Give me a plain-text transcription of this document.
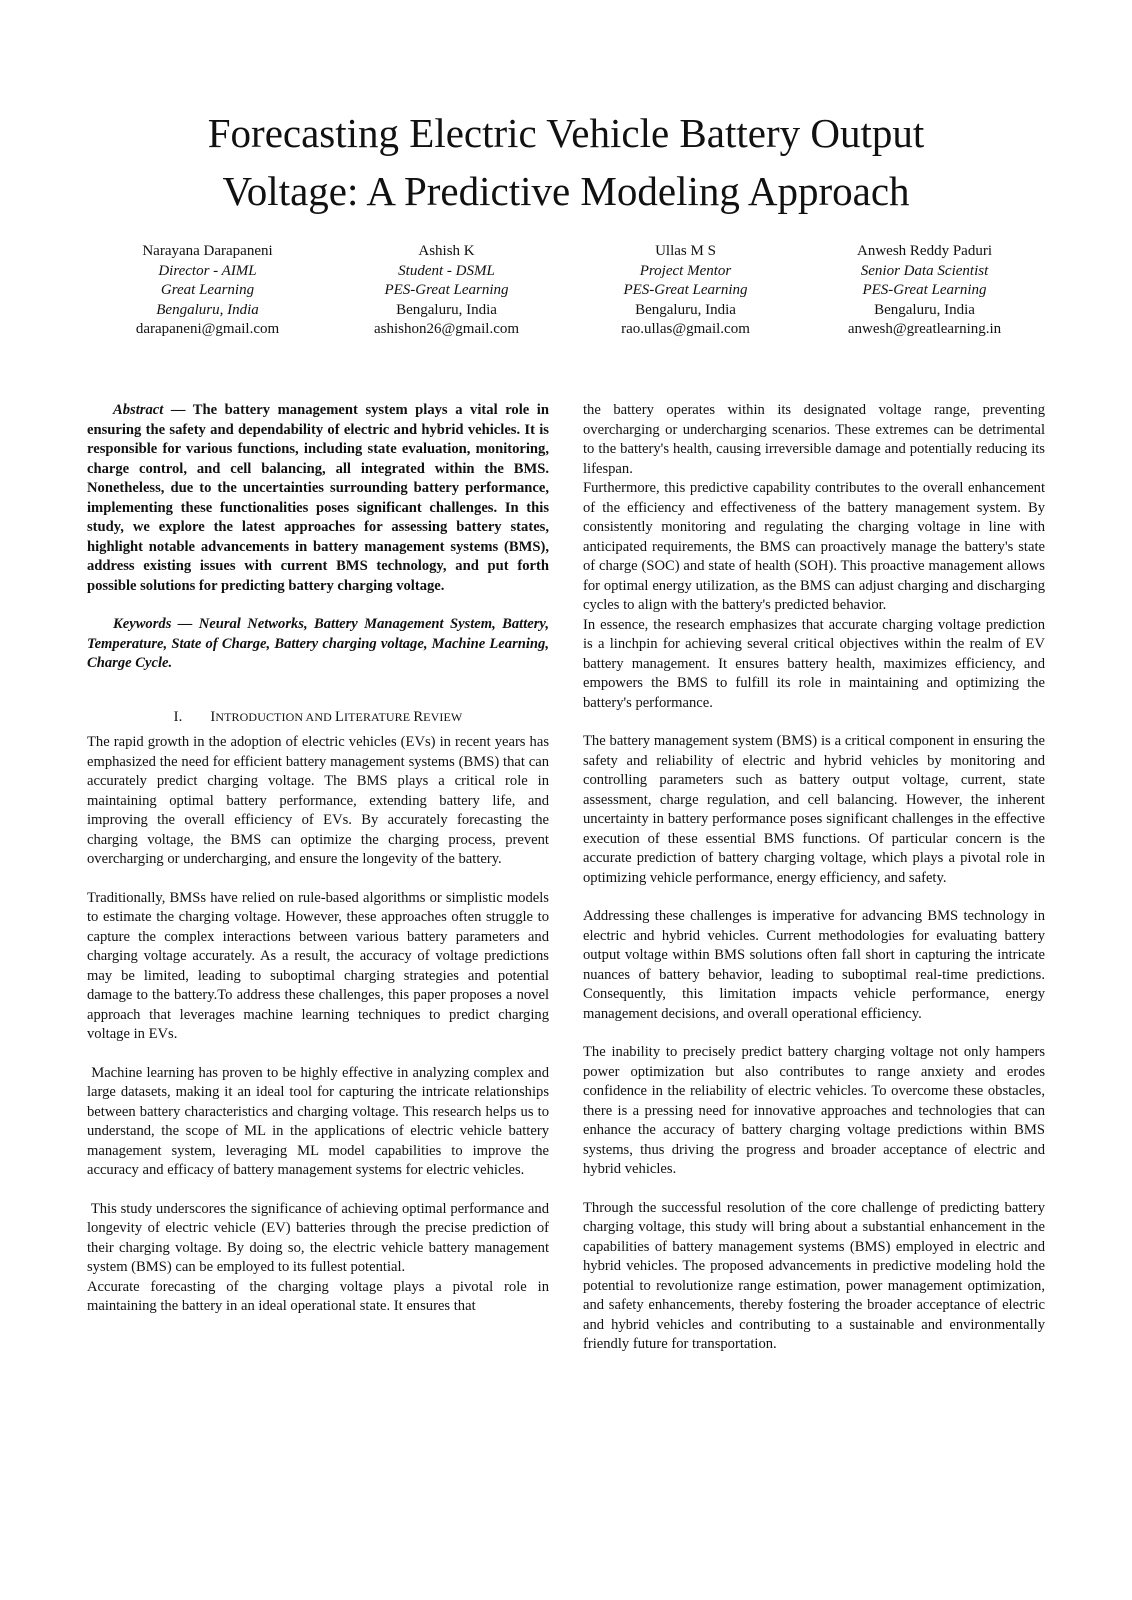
Forecasting Electric Vehicle Battery Output
Voltage: A Predictive Modeling Approach
Narayana Darapaneni
Director - AIML
Great Learning
Bengaluru, India
darapaneni@gmail.com
Ashish K
Student - DSML
PES-Great Learning
Bengaluru, India
ashishon26@gmail.com
Ullas M S
Project Mentor
PES-Great Learning
Bengaluru, India
rao.ullas@gmail.com
Anwesh Reddy Paduri
Senior Data Scientist
PES-Great Learning
Bengaluru, India
anwesh@greatlearning.in

Abstract — The battery management system plays a vital role in ensuring the safety and dependability of electric and hybrid vehicles. It is responsible for various functions, including state evaluation, monitoring, charge control, and cell balancing, all integrated within the BMS. Nonetheless, due to the uncertainties surrounding battery performance, implementing these functionalities poses significant challenges. In this study, we explore the latest approaches for assessing battery states, highlight notable advancements in battery management systems (BMS), address existing issues with current BMS technology, and put forth possible solutions for predicting battery charging voltage.

Keywords — Neural Networks, Battery Management System, Battery, Temperature, State of Charge, Battery charging voltage, Machine Learning, Charge Cycle.

I. INTRODUCTION AND LITERATURE REVIEW

The rapid growth in the adoption of electric vehicles (EVs) in recent years has emphasized the need for efficient battery management systems (BMS) that can accurately predict charging voltage. The BMS plays a critical role in maintaining optimal battery performance, extending battery life, and improving the overall efficiency of EVs. By accurately forecasting the charging voltage, the BMS can optimize the charging process, prevent overcharging or undercharging, and ensure the longevity of the battery.

Traditionally, BMSs have relied on rule-based algorithms or simplistic models to estimate the charging voltage. However, these approaches often struggle to capture the complex interactions between various battery parameters and charging voltage accurately. As a result, the accuracy of voltage predictions may be limited, leading to suboptimal charging strategies and potential damage to the battery.To address these challenges, this paper proposes a novel approach that leverages machine learning techniques to predict charging voltage in EVs.

Machine learning has proven to be highly effective in analyzing complex and large datasets, making it an ideal tool for capturing the intricate relationships between battery characteristics and charging voltage. This research helps us to understand, the scope of ML in the applications of electric vehicle battery management system, leveraging ML model capabilities to improve the accuracy and efficacy of battery management systems for electric vehicles.

This study underscores the significance of achieving optimal performance and longevity of electric vehicle (EV) batteries through the precise prediction of their charging voltage. By doing so, the electric vehicle battery management system (BMS) can be employed to its fullest potential.

Accurate forecasting of the charging voltage plays a pivotal role in maintaining the battery in an ideal operational state. It ensures that

the battery operates within its designated voltage range, preventing overcharging or undercharging scenarios. These extremes can be detrimental to the battery's health, causing irreversible damage and potentially reducing its lifespan.

Furthermore, this predictive capability contributes to the overall enhancement of the efficiency and effectiveness of the battery management system. By consistently monitoring and regulating the charging voltage in line with anticipated requirements, the BMS can proactively manage the battery's state of charge (SOC) and state of health (SOH). This proactive management allows for optimal energy utilization, as the BMS can adjust charging and discharging cycles to align with the battery's predicted behavior.

In essence, the research emphasizes that accurate charging voltage prediction is a linchpin for achieving several critical objectives within the realm of EV battery management. It ensures battery health, maximizes efficiency, and empowers the BMS to fulfill its role in maintaining and optimizing the battery's performance.

The battery management system (BMS) is a critical component in ensuring the safety and reliability of electric and hybrid vehicles by monitoring and controlling parameters such as battery output voltage, current, state assessment, charge regulation, and cell balancing. However, the inherent uncertainty in battery performance poses significant challenges in the effective execution of these essential BMS functions. Of particular concern is the accurate prediction of battery charging voltage, which plays a pivotal role in optimizing vehicle performance, energy efficiency, and safety.

Addressing these challenges is imperative for advancing BMS technology in electric and hybrid vehicles. Current methodologies for evaluating battery output voltage within BMS solutions often fall short in capturing the intricate nuances of battery behavior, leading to suboptimal real-time predictions. Consequently, this limitation impacts vehicle performance, energy management decisions, and overall operational efficiency.

The inability to precisely predict battery charging voltage not only hampers power optimization but also contributes to range anxiety and erodes confidence in the reliability of electric vehicles. To overcome these obstacles, there is a pressing need for innovative approaches and technologies that can enhance the accuracy of battery charging voltage predictions within BMS systems, thus driving the progress and broader acceptance of electric and hybrid vehicles.

Through the successful resolution of the core challenge of predicting battery charging voltage, this study will bring about a substantial enhancement in the capabilities of battery management systems (BMS) employed in electric and hybrid vehicles. The proposed advancements in predictive modeling hold the potential to revolutionize range estimation, power management optimization, and safety enhancements, thereby fostering the broader acceptance of electric and hybrid vehicles and contributing to a sustainable and environmentally friendly future for transportation.
